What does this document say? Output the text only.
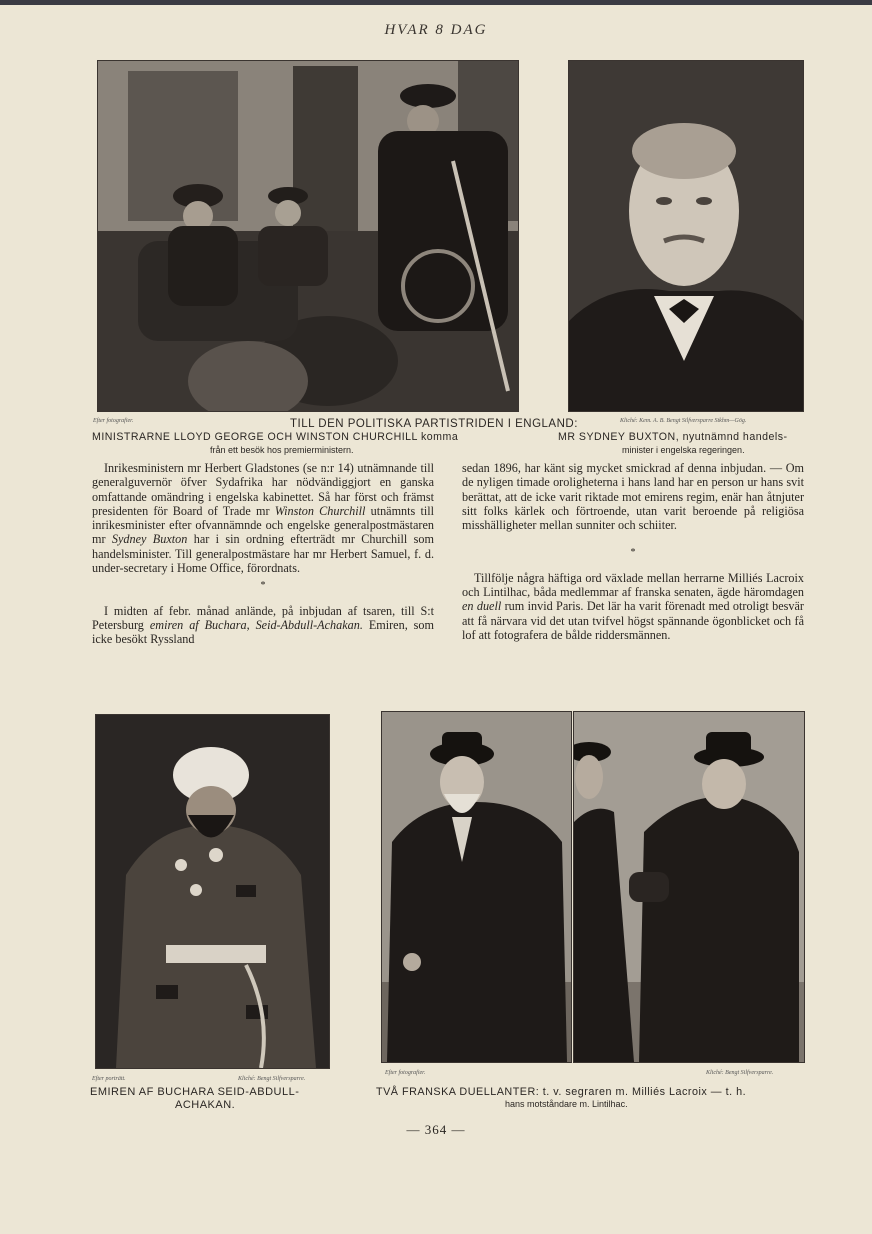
HVAR 8 DAG
Efter fotografier.	Kliché: Kem. A. B. Bengt Silfversparre Stkhm—Gög.
TILL DEN POLITISKA PARTISTRIDEN I ENGLAND:
MINISTRARNE LLOYD GEORGE OCH WINSTON CHURCHILL komma
från ett besök hos premierministern.
MR SYDNEY BUXTON, nyutnämnd handels-
minister i engelska regeringen.

Inrikesministern mr Herbert Gladstones (se n:r 14) utnämnande till generalguvernör öfver Sydafrika har nödvändiggjort en ganska omfattande omändring i engelska kabinettet. Så har först och främst presidenten för Board of Trade mr Winston Churchill utnämnts till inrikesminister efter ofvannämnde och engelske generalpostmästaren mr Sydney Buxton har i sin ordning efterträdt mr Churchill som handelsminister. Till generalpostmästare har mr Herbert Samuel, f. d. under-secretary i Home Office, förordnats.

*

I midten af febr. månad anlände, på inbjudan af tsaren, till S:t Petersburg emiren af Buchara, Seid-Abdull-Achakan. Emiren, som icke besökt Ryssland

sedan 1896, har känt sig mycket smickrad af denna inbjudan. — Om de nyligen timade oroligheterna i hans land har en person ur hans svit berättat, att de icke varit riktade mot emirens regim, enär han åtnjuter sitt folks kärlek och förtroende, utan varit beroende på religiösa misshälligheter mellan sunniter och schiiter.

*

Tillfölje några häftiga ord växlade mellan herrarne Milliés Lacroix och Lintilhac, båda medlemmar af franska senaten, ägde häromdagen en duell rum invid Paris. Det lär ha varit förenadt med otroligt besvär att få närvara vid det utan tvifvel högst spännande ögonblicket och få lof att fotografera de bålde riddersmännen.

Efter porträtt.	Kliché: Bengt Silfversparre.
EMIREN AF BUCHARA SEID-ABDULL-
ACHAKAN.
Efter fotografier.	Kliché: Bengt Silfversparre.
TVÅ FRANSKA DUELLANTER: t. v. segraren m. Milliés Lacroix — t. h.
hans motståndare m. Lintilhac.
— 364 —
